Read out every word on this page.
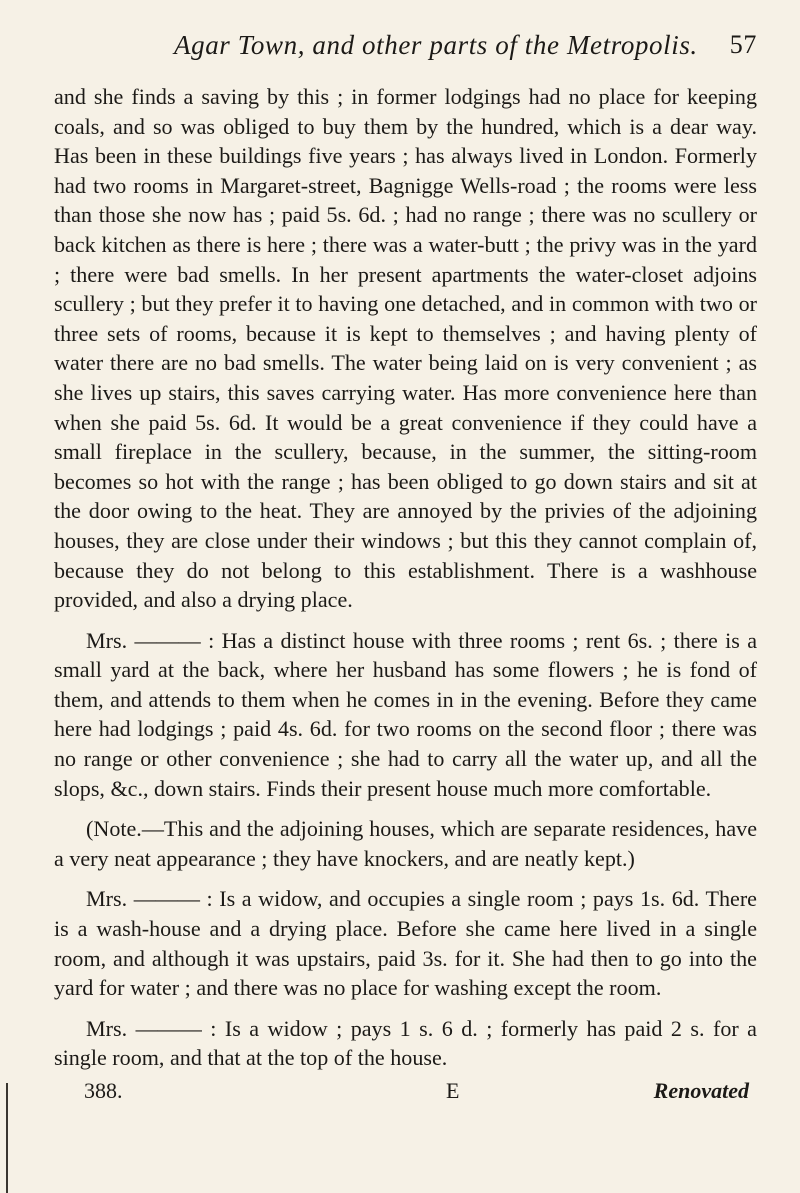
Agar Town, and other parts of the Metropolis. 57

and she finds a saving by this ; in former lodgings had no place for keeping coals, and so was obliged to buy them by the hundred, which is a dear way. Has been in these buildings five years ; has always lived in London. Formerly had two rooms in Margaret-street, Bagnigge Wells-road ; the rooms were less than those she now has ; paid 5s. 6d. ; had no range ; there was no scullery or back kitchen as there is here ; there was a water-butt ; the privy was in the yard ; there were bad smells. In her present apartments the water-closet adjoins scullery ; but they prefer it to having one detached, and in common with two or three sets of rooms, because it is kept to themselves ; and having plenty of water there are no bad smells. The water being laid on is very convenient ; as she lives up stairs, this saves carrying water. Has more convenience here than when she paid 5s. 6d. It would be a great convenience if they could have a small fireplace in the scullery, because, in the summer, the sitting-room becomes so hot with the range ; has been obliged to go down stairs and sit at the door owing to the heat. They are annoyed by the privies of the adjoining houses, they are close under their windows ; but this they cannot complain of, because they do not belong to this establishment. There is a washhouse provided, and also a drying place.

Mrs. ——— : Has a distinct house with three rooms ; rent 6s. ; there is a small yard at the back, where her husband has some flowers ; he is fond of them, and attends to them when he comes in in the evening. Before they came here had lodgings ; paid 4s. 6d. for two rooms on the second floor ; there was no range or other convenience ; she had to carry all the water up, and all the slops, &c., down stairs. Finds their present house much more comfortable.

(Note.—This and the adjoining houses, which are separate residences, have a very neat appearance ; they have knockers, and are neatly kept.)

Mrs. ——— : Is a widow, and occupies a single room ; pays 1s. 6d. There is a wash-house and a drying place. Before she came here lived in a single room, and although it was upstairs, paid 3s. for it. She had then to go into the yard for water ; and there was no place for washing except the room.

Mrs. ——— : Is a widow ; pays 1 s. 6 d. ; formerly has paid 2 s. for a single room, and that at the top of the house.

388.	E	Renovated
